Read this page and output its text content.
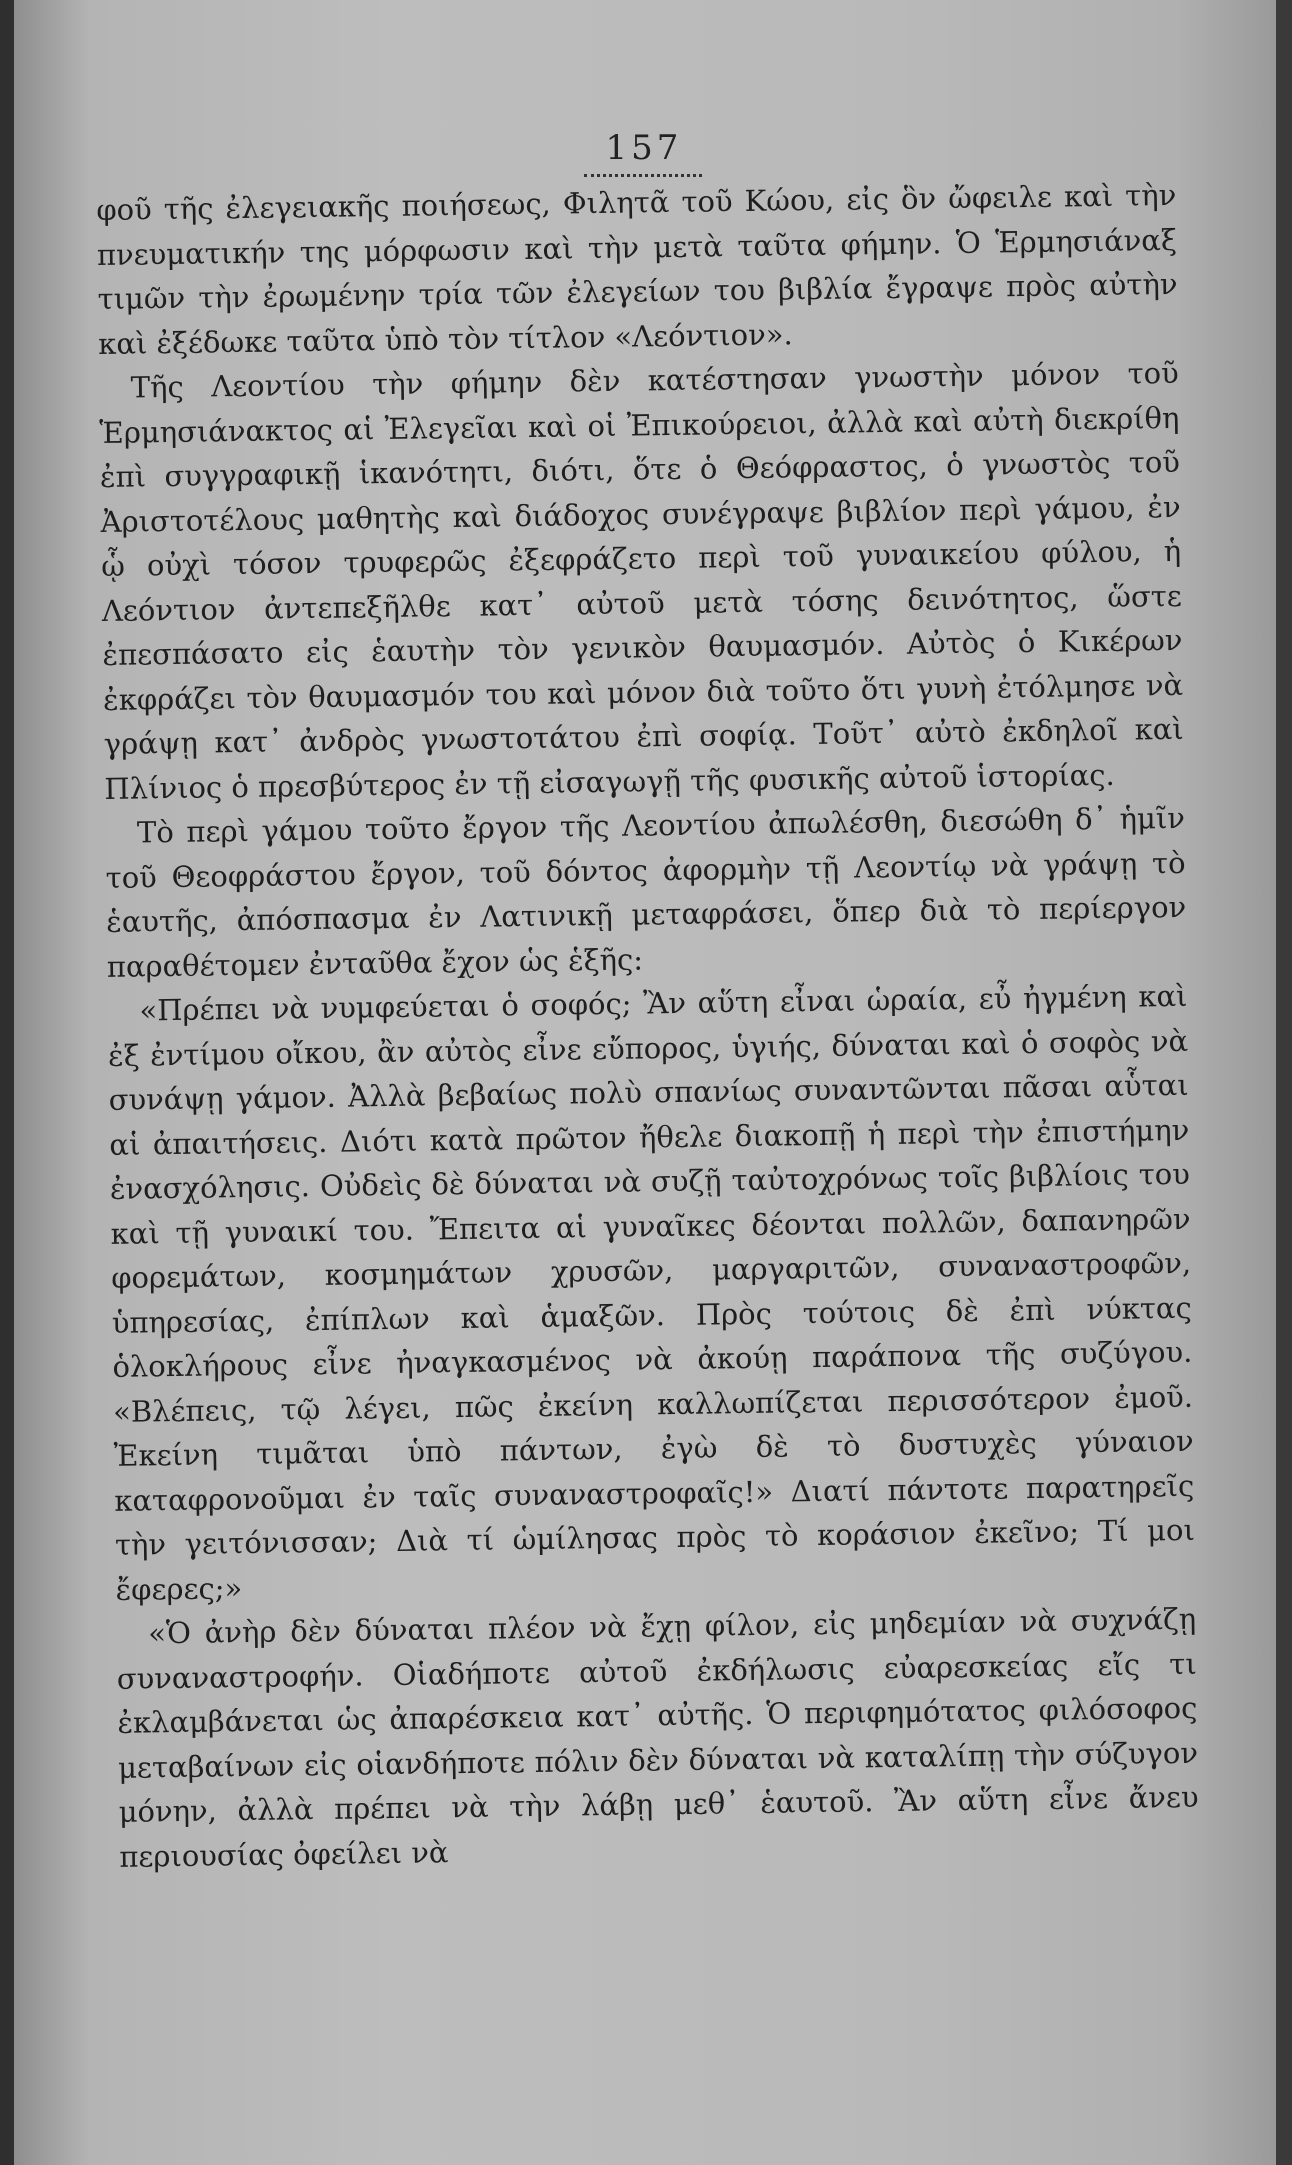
157

φοῦ τῆς ἐλεγειακῆς ποιήσεως, Φιλητᾶ τοῦ Κώου, εἰς ὃν ὤφειλε καὶ τὴν πνευματικήν της μόρφωσιν καὶ τὴν μετὰ ταῦτα φήμην. Ὁ Ἑρμησιάναξ τιμῶν τὴν ἐρωμένην τρία τῶν ἐλεγείων του βιβλία ἔγραψε πρὸς αὐτὴν καὶ ἐξέδωκε ταῦτα ὑπὸ τὸν τίτλον «Λεόντιον».

Τῆς Λεοντίου τὴν φήμην δὲν κατέστησαν γνωστὴν μόνον τοῦ Ἑρμησιάνακτος αἱ Ἐλεγεῖαι καὶ οἱ Ἐπικούρειοι, ἀλλὰ καὶ αὐτὴ διεκρίθη ἐπὶ συγγραφικῇ ἱκανότητι, διότι, ὅτε ὁ Θεόφραστος, ὁ γνωστὸς τοῦ Ἀριστοτέλους μαθητὴς καὶ διάδοχος συνέγραψε βιβλίον περὶ γάμου, ἐν ᾧ οὐχὶ τόσον τρυφερῶς ἐξεφράζετο περὶ τοῦ γυναικείου φύλου, ἡ Λεόντιον ἀντεπεξῆλθε κατ᾽ αὐτοῦ μετὰ τόσης δεινότητος, ὥστε ἐπεσπάσατο εἰς ἑαυτὴν τὸν γενικὸν θαυμασμόν. Αὐτὸς ὁ Κικέρων ἐκφράζει τὸν θαυμασμόν του καὶ μόνον διὰ τοῦτο ὅτι γυνὴ ἐτόλμησε νὰ γράψῃ κατ᾽ ἀνδρὸς γνωστοτάτου ἐπὶ σοφίᾳ. Τοῦτ᾽ αὐτὸ ἐκδηλοῖ καὶ Πλίνιος ὁ πρεσβύτερος ἐν τῇ εἰσαγωγῇ τῆς φυσικῆς αὐτοῦ ἱστορίας.

Τὸ περὶ γάμου τοῦτο ἔργον τῆς Λεοντίου ἀπωλέσθη, διεσώθη δ᾽ ἡμῖν τοῦ Θεοφράστου ἔργον, τοῦ δόντος ἀφορμὴν τῇ Λεοντίῳ νὰ γράψῃ τὸ ἑαυτῆς, ἀπόσπασμα ἐν Λατινικῇ μεταφράσει, ὅπερ διὰ τὸ περίεργον παραθέτομεν ἐνταῦθα ἔχον ὡς ἑξῆς:

«Πρέπει νὰ νυμφεύεται ὁ σοφός; Ἂν αὕτη εἶναι ὡραία, εὖ ἠγμένη καὶ ἐξ ἐντίμου οἴκου, ἂν αὐτὸς εἶνε εὔπορος, ὑγιής, δύναται καὶ ὁ σοφὸς νὰ συνάψῃ γάμον. Ἀλλὰ βεβαίως πολὺ σπανίως συναντῶνται πᾶσαι αὗται αἱ ἀπαιτήσεις. Διότι κατὰ πρῶτον ἤθελε διακοπῇ ἡ περὶ τὴν ἐπιστήμην ἐνασχόλησις. Οὐδεὶς δὲ δύναται νὰ συζῇ ταὐτοχρόνως τοῖς βιβλίοις του καὶ τῇ γυναικί του. Ἔπειτα αἱ γυναῖκες δέονται πολλῶν, δαπανηρῶν φορεμάτων, κοσμημάτων χρυσῶν, μαργαριτῶν, συναναστροφῶν, ὑπηρεσίας, ἐπίπλων καὶ ἁμαξῶν. Πρὸς τούτοις δὲ ἐπὶ νύκτας ὁλοκλήρους εἶνε ἠναγκασμένος νὰ ἀκούῃ παράπονα τῆς συζύγου. «Βλέπεις, τῷ λέγει, πῶς ἐκείνη καλλωπίζεται περισσότερον ἐμοῦ. Ἐκείνη τιμᾶται ὑπὸ πάντων, ἐγὼ δὲ τὸ δυστυχὲς γύναιον καταφρονοῦμαι ἐν ταῖς συναναστροφαῖς!» Διατί πάντοτε παρατηρεῖς τὴν γειτόνισσαν; Διὰ τί ὡμίλησας πρὸς τὸ κοράσιον ἐκεῖνο; Τί μοι ἔφερες;»

«Ὁ ἀνὴρ δὲν δύναται πλέον νὰ ἔχῃ φίλον, εἰς μηδεμίαν νὰ συχνάζῃ συναναστροφήν. Οἱαδήποτε αὐτοῦ ἐκδήλωσις εὐαρεσκείας εἴς τι ἐκλαμβάνεται ὡς ἀπαρέσκεια κατ᾽ αὐτῆς. Ὁ περιφημότατος φιλόσοφος μεταβαίνων εἰς οἱανδήποτε πόλιν δὲν δύναται νὰ καταλίπῃ τὴν σύζυγον μόνην, ἀλλὰ πρέπει νὰ τὴν λάβῃ μεθ᾽ ἑαυτοῦ. Ἂν αὕτη εἶνε ἄνευ περιουσίας ὀφείλει νὰ
